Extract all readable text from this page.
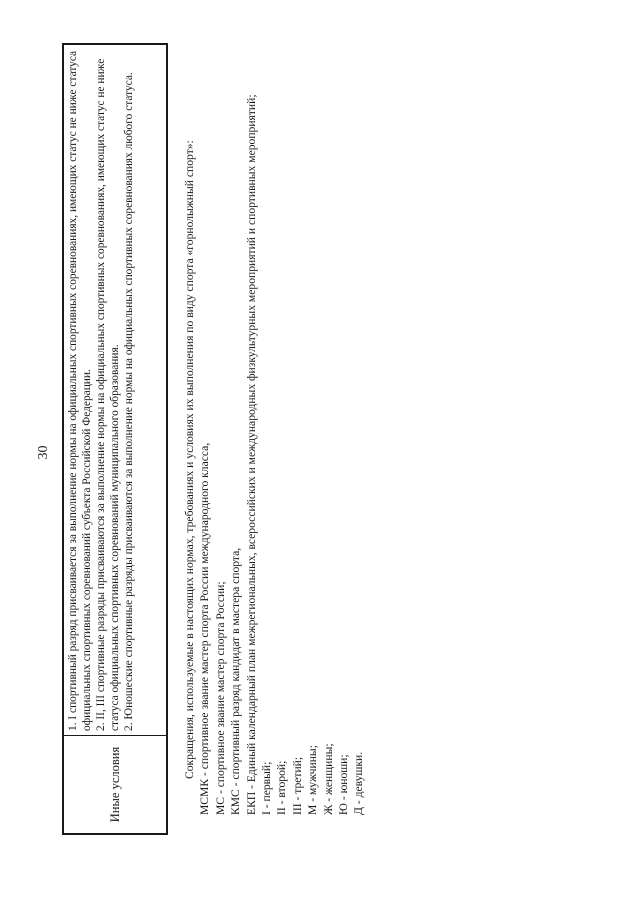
30
Иные условия

1. I спортивный разряд присваивается за выполнение нормы на официальных спортивных соревнованиях, имеющих статус не ниже статуса официальных спортивных соревнований субъекта Российской Федерации. 2. II, III спортивные разряды присваиваются за выполнение нормы на официальных спортивных соревнованиях, имеющих статус не ниже статуса официальных спортивных соревнований муниципального образования. 2. Юношеские спортивные разряды присваиваются за выполнение нормы на официальных спортивных соревнованиях любого статуса.	Сокращения, используемые в настоящих нормах, требованиях и условиях их выполнения по виду спорта «горнолыжный спорт»: МСМК - спортивное звание мастер спорта России международного класса, МС - спортивное звание мастер спорта России; КМС - спортивный разряд кандидат в мастера спорта, ЕКП - Единый календарный план межрегиональных, всероссийских и международных физкультурных мероприятий и спортивных мероприятий; I - первый; II - второй; III - третий; М - мужчины; Ж - женщины; Ю - юноши; Д - девушки.
